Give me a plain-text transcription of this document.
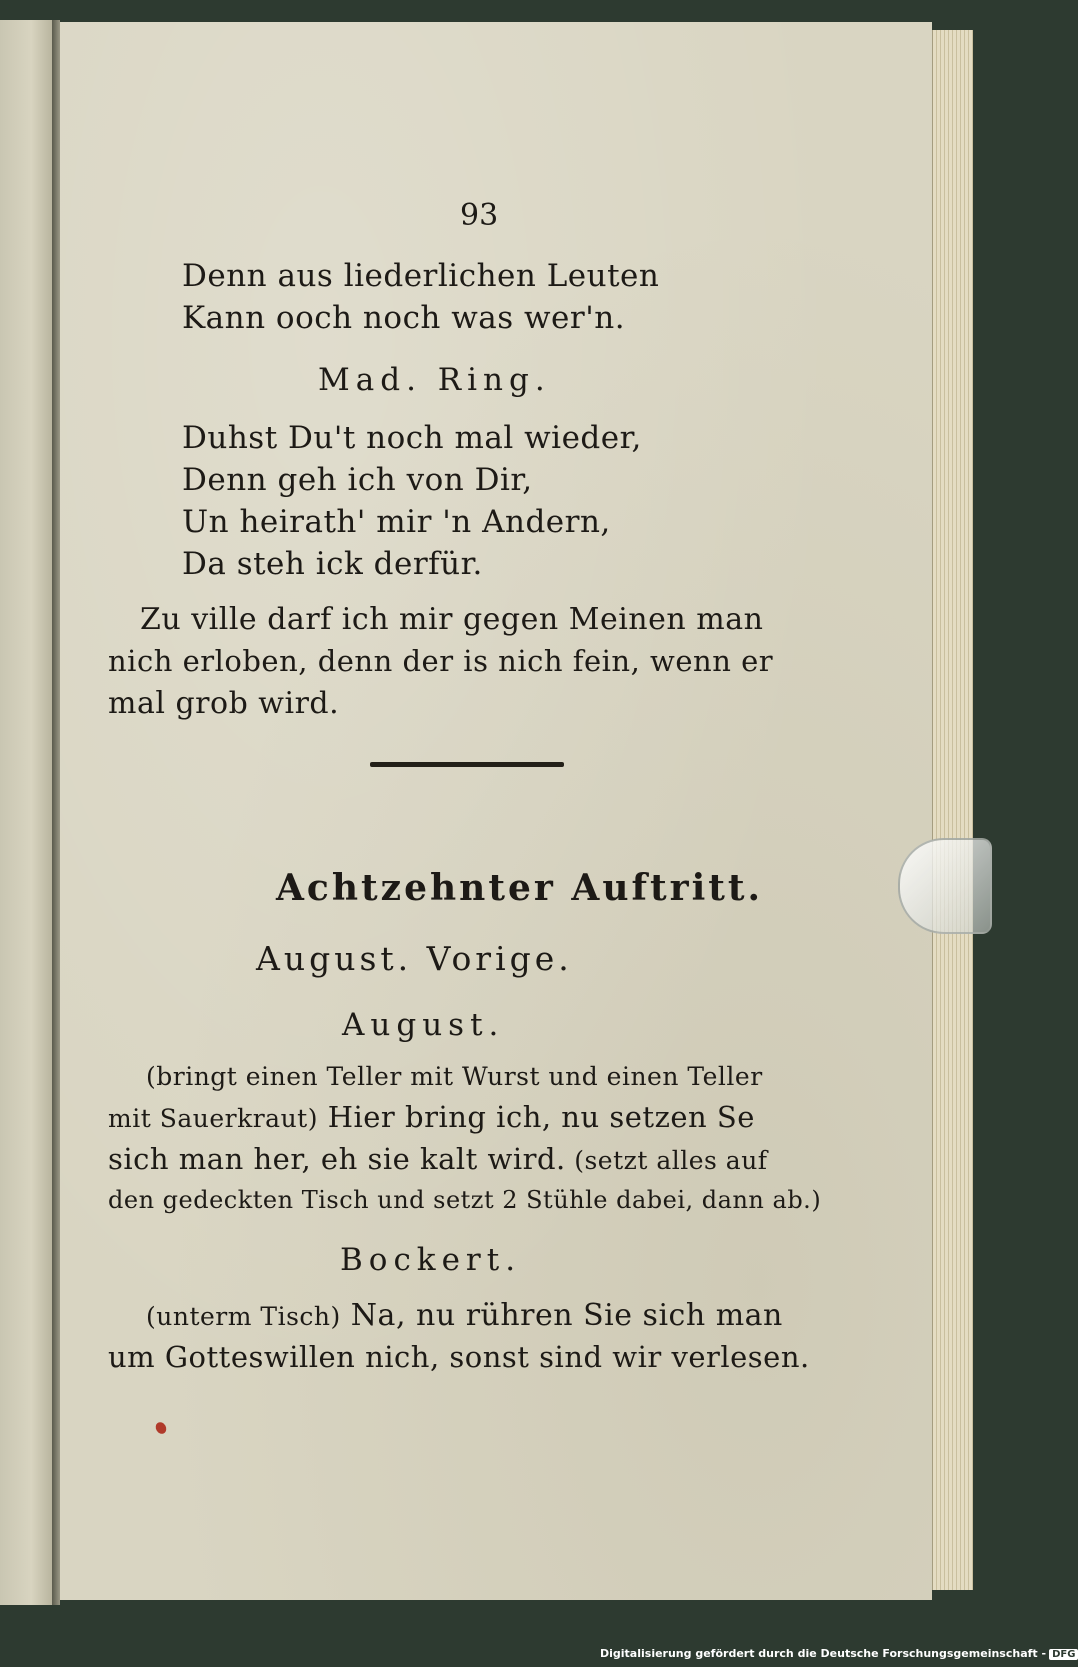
93
Denn aus liederlichen Leuten
Kann ooch noch was wer'n.
Mad. Ring.
Duhst Du't noch mal wieder,
Denn geh ich von Dir,
Un heirath' mir 'n Andern,
Da steh ick derfür.
Zu ville darf ich mir gegen Meinen man
nich erloben, denn der is nich fein, wenn er
mal grob wird.
Achtzehnter Auftritt.
August. Vorige.
August.
(bringt einen Teller mit Wurst und einen Teller
mit Sauerkraut) Hier bring ich, nu setzen Se
sich man her, eh sie kalt wird. (setzt alles auf
den gedeckten Tisch und setzt 2 Stühle dabei, dann ab.)
Bockert.
(unterm Tisch) Na, nu rühren Sie sich man
um Gotteswillen nich, sonst sind wir verlesen.
Digitalisierung gefördert durch die Deutsche Forschungsgemeinschaft - DFG
